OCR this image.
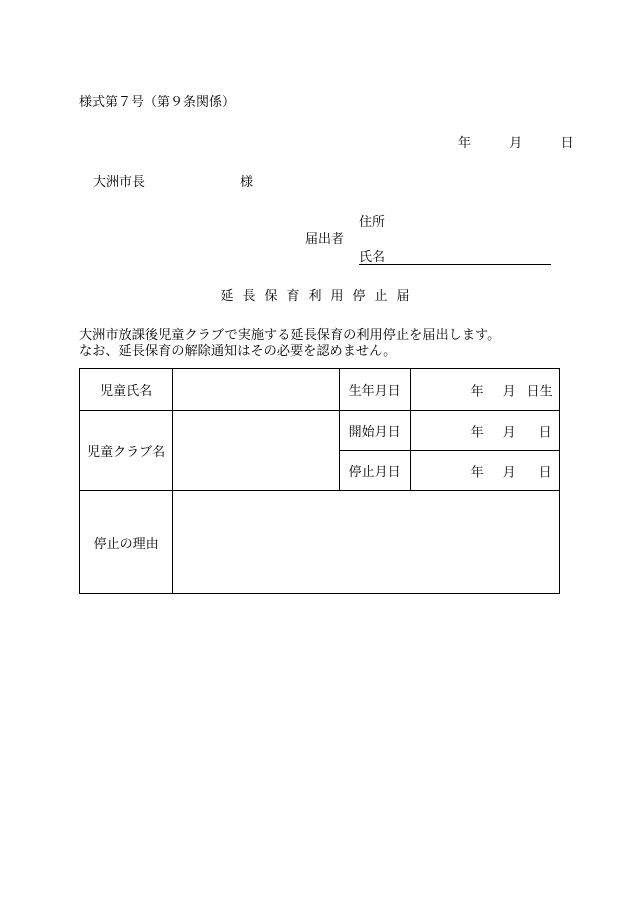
様式第７号（第９条関係）
年	月	日
大洲市長	様
住所
届出者
氏名
延長保育利用停止届
大洲市放課後児童クラブで実施する延長保育の利用停止を届出します。
なお、延長保育の解除通知はその必要を認めません。
児童氏名		生年月日	年 月 日生

児童クラブ名		開始月日	年 月 日

		停止月日	年 月 日

停止の理由			
